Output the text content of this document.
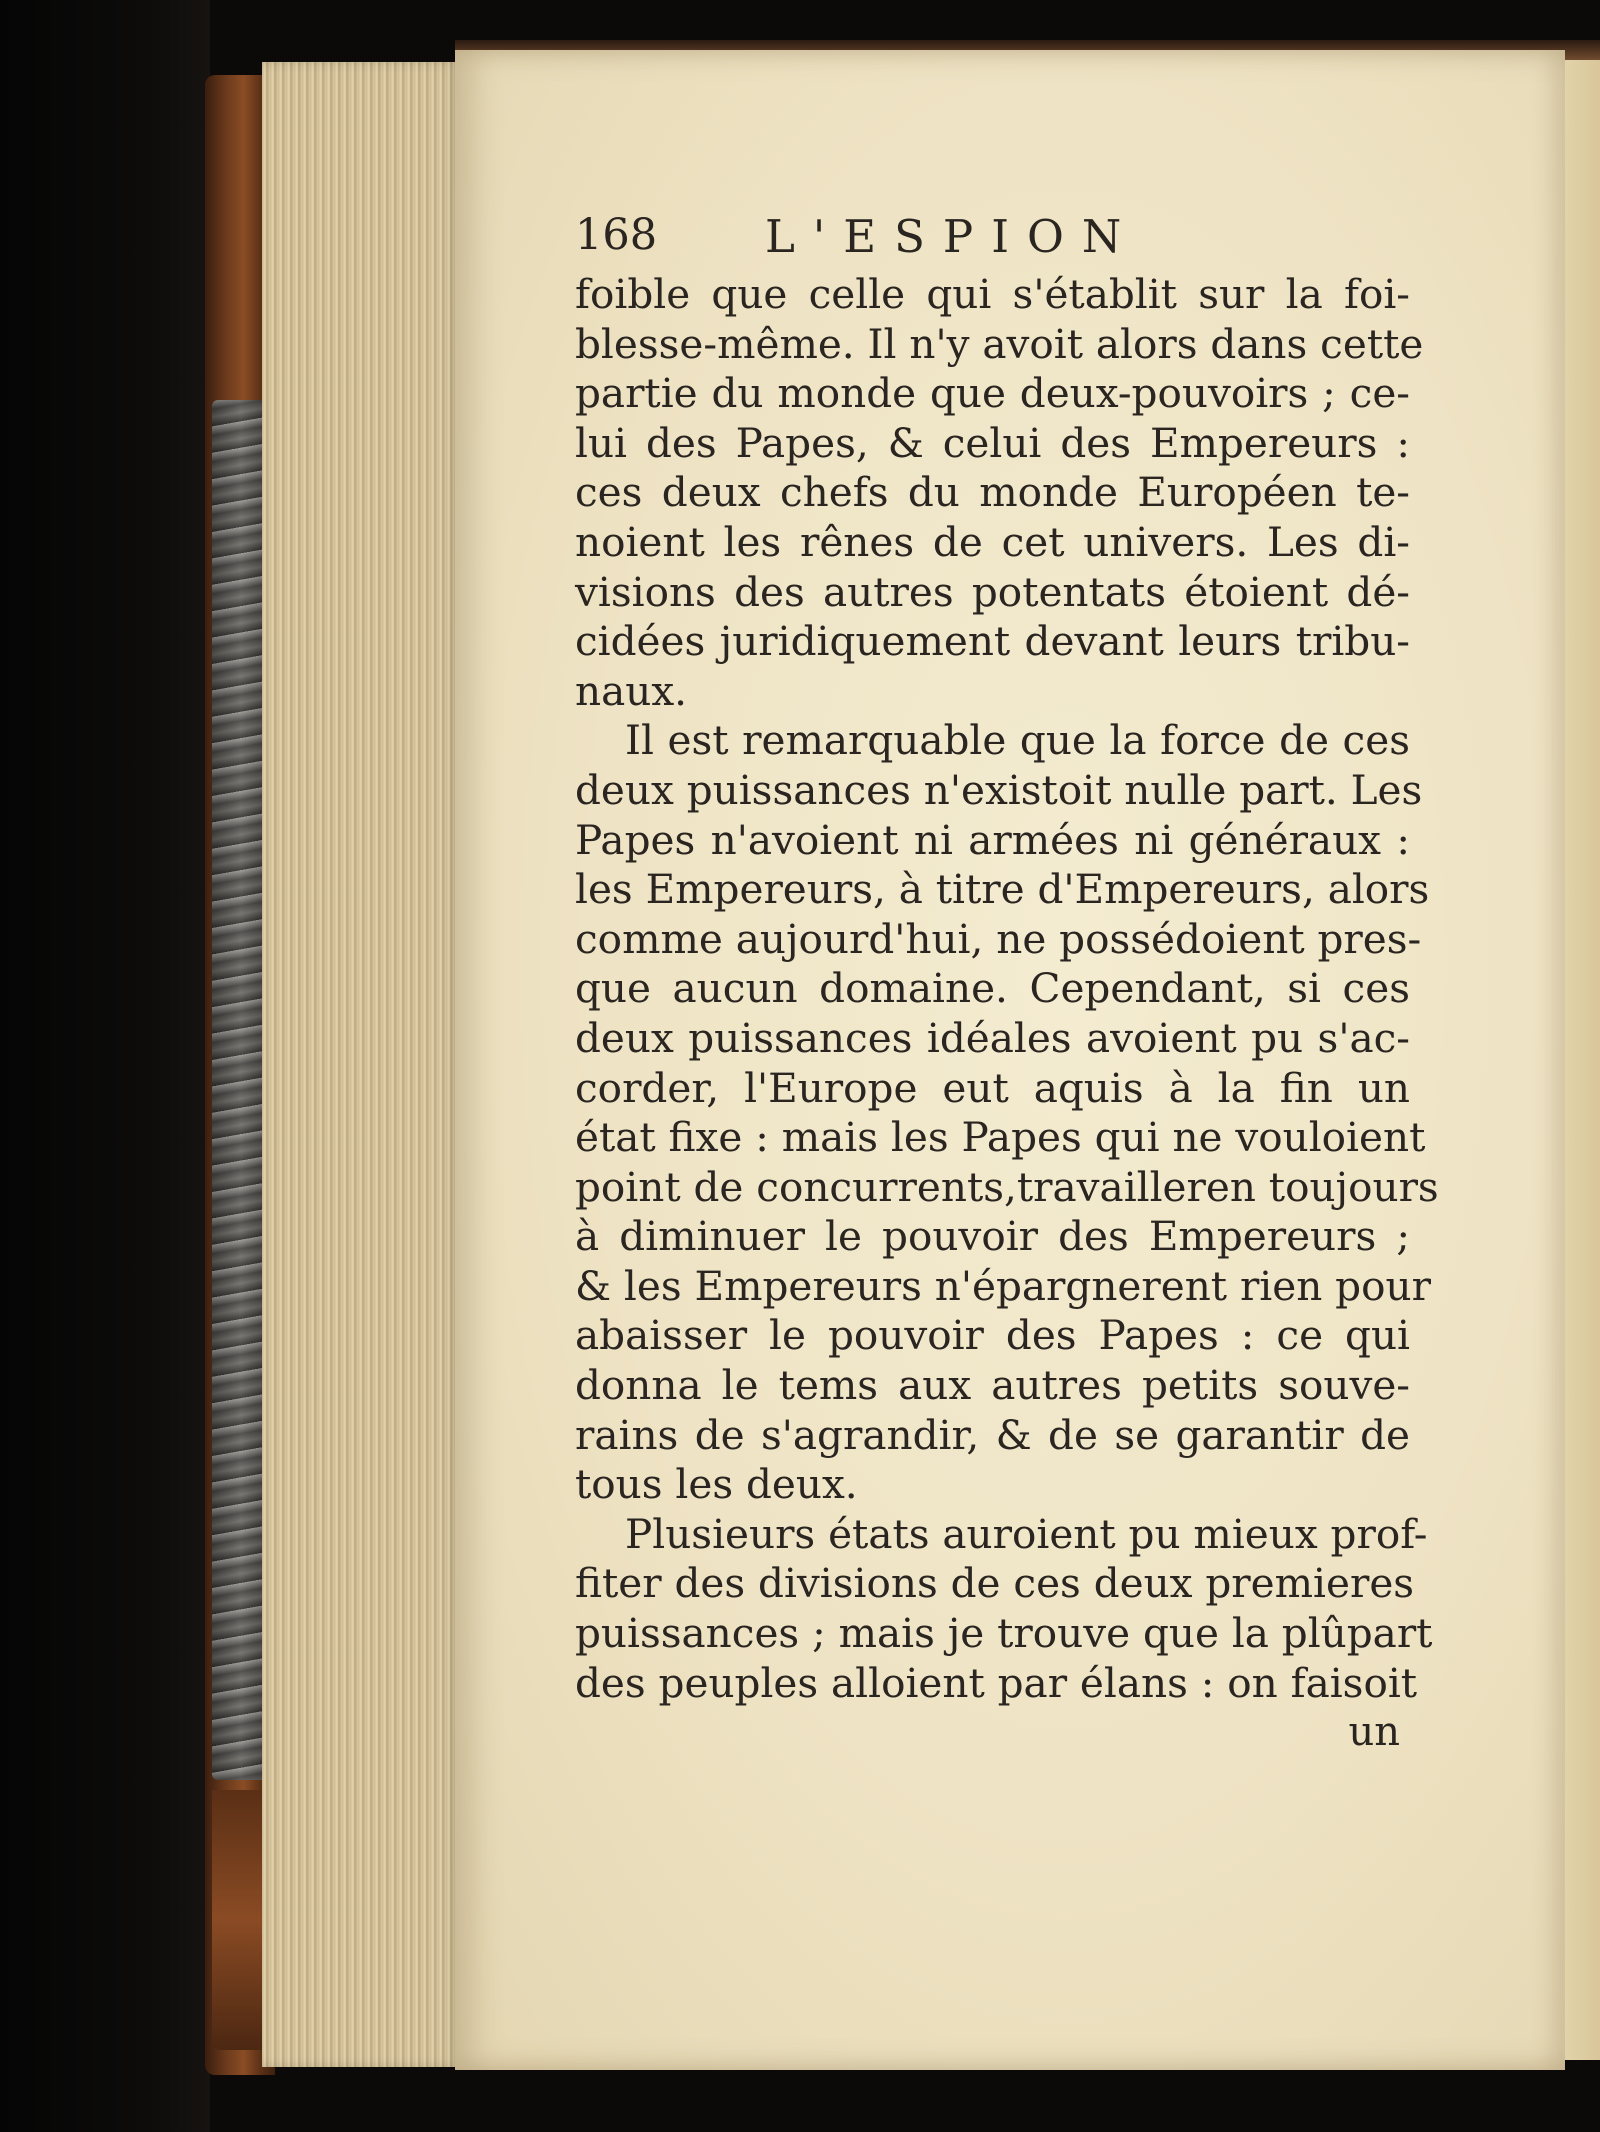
168 L'ESPION
foible que celle qui s'établit sur la foi-
blesse-même. Il n'y avoit alors dans cette
partie du monde que deux-pouvoirs ; ce-
lui des Papes, & celui des Empereurs :
ces deux chefs du monde Européen te-
noient les rênes de cet univers. Les di-
visions des autres potentats étoient dé-
cidées juridiquement devant leurs tribu-
naux.
Il est remarquable que la force de ces
deux puissances n'existoit nulle part. Les
Papes n'avoient ni armées ni généraux :
les Empereurs, à titre d'Empereurs, alors
comme aujourd'hui, ne possédoient pres-
que aucun domaine. Cependant, si ces
deux puissances idéales avoient pu s'ac-
corder, l'Europe eut aquis à la fin un
état fixe : mais les Papes qui ne vouloient
point de concurrents,travailleren toujours
à diminuer le pouvoir des Empereurs ;
& les Empereurs n'épargnerent rien pour
abaisser le pouvoir des Papes : ce qui
donna le tems aux autres petits souve-
rains de s'agrandir, & de se garantir de
tous les deux.
Plusieurs états auroient pu mieux prof-
fiter des divisions de ces deux premieres
puissances ; mais je trouve que la plûpart
des peuples alloient par élans : on faisoit
un
